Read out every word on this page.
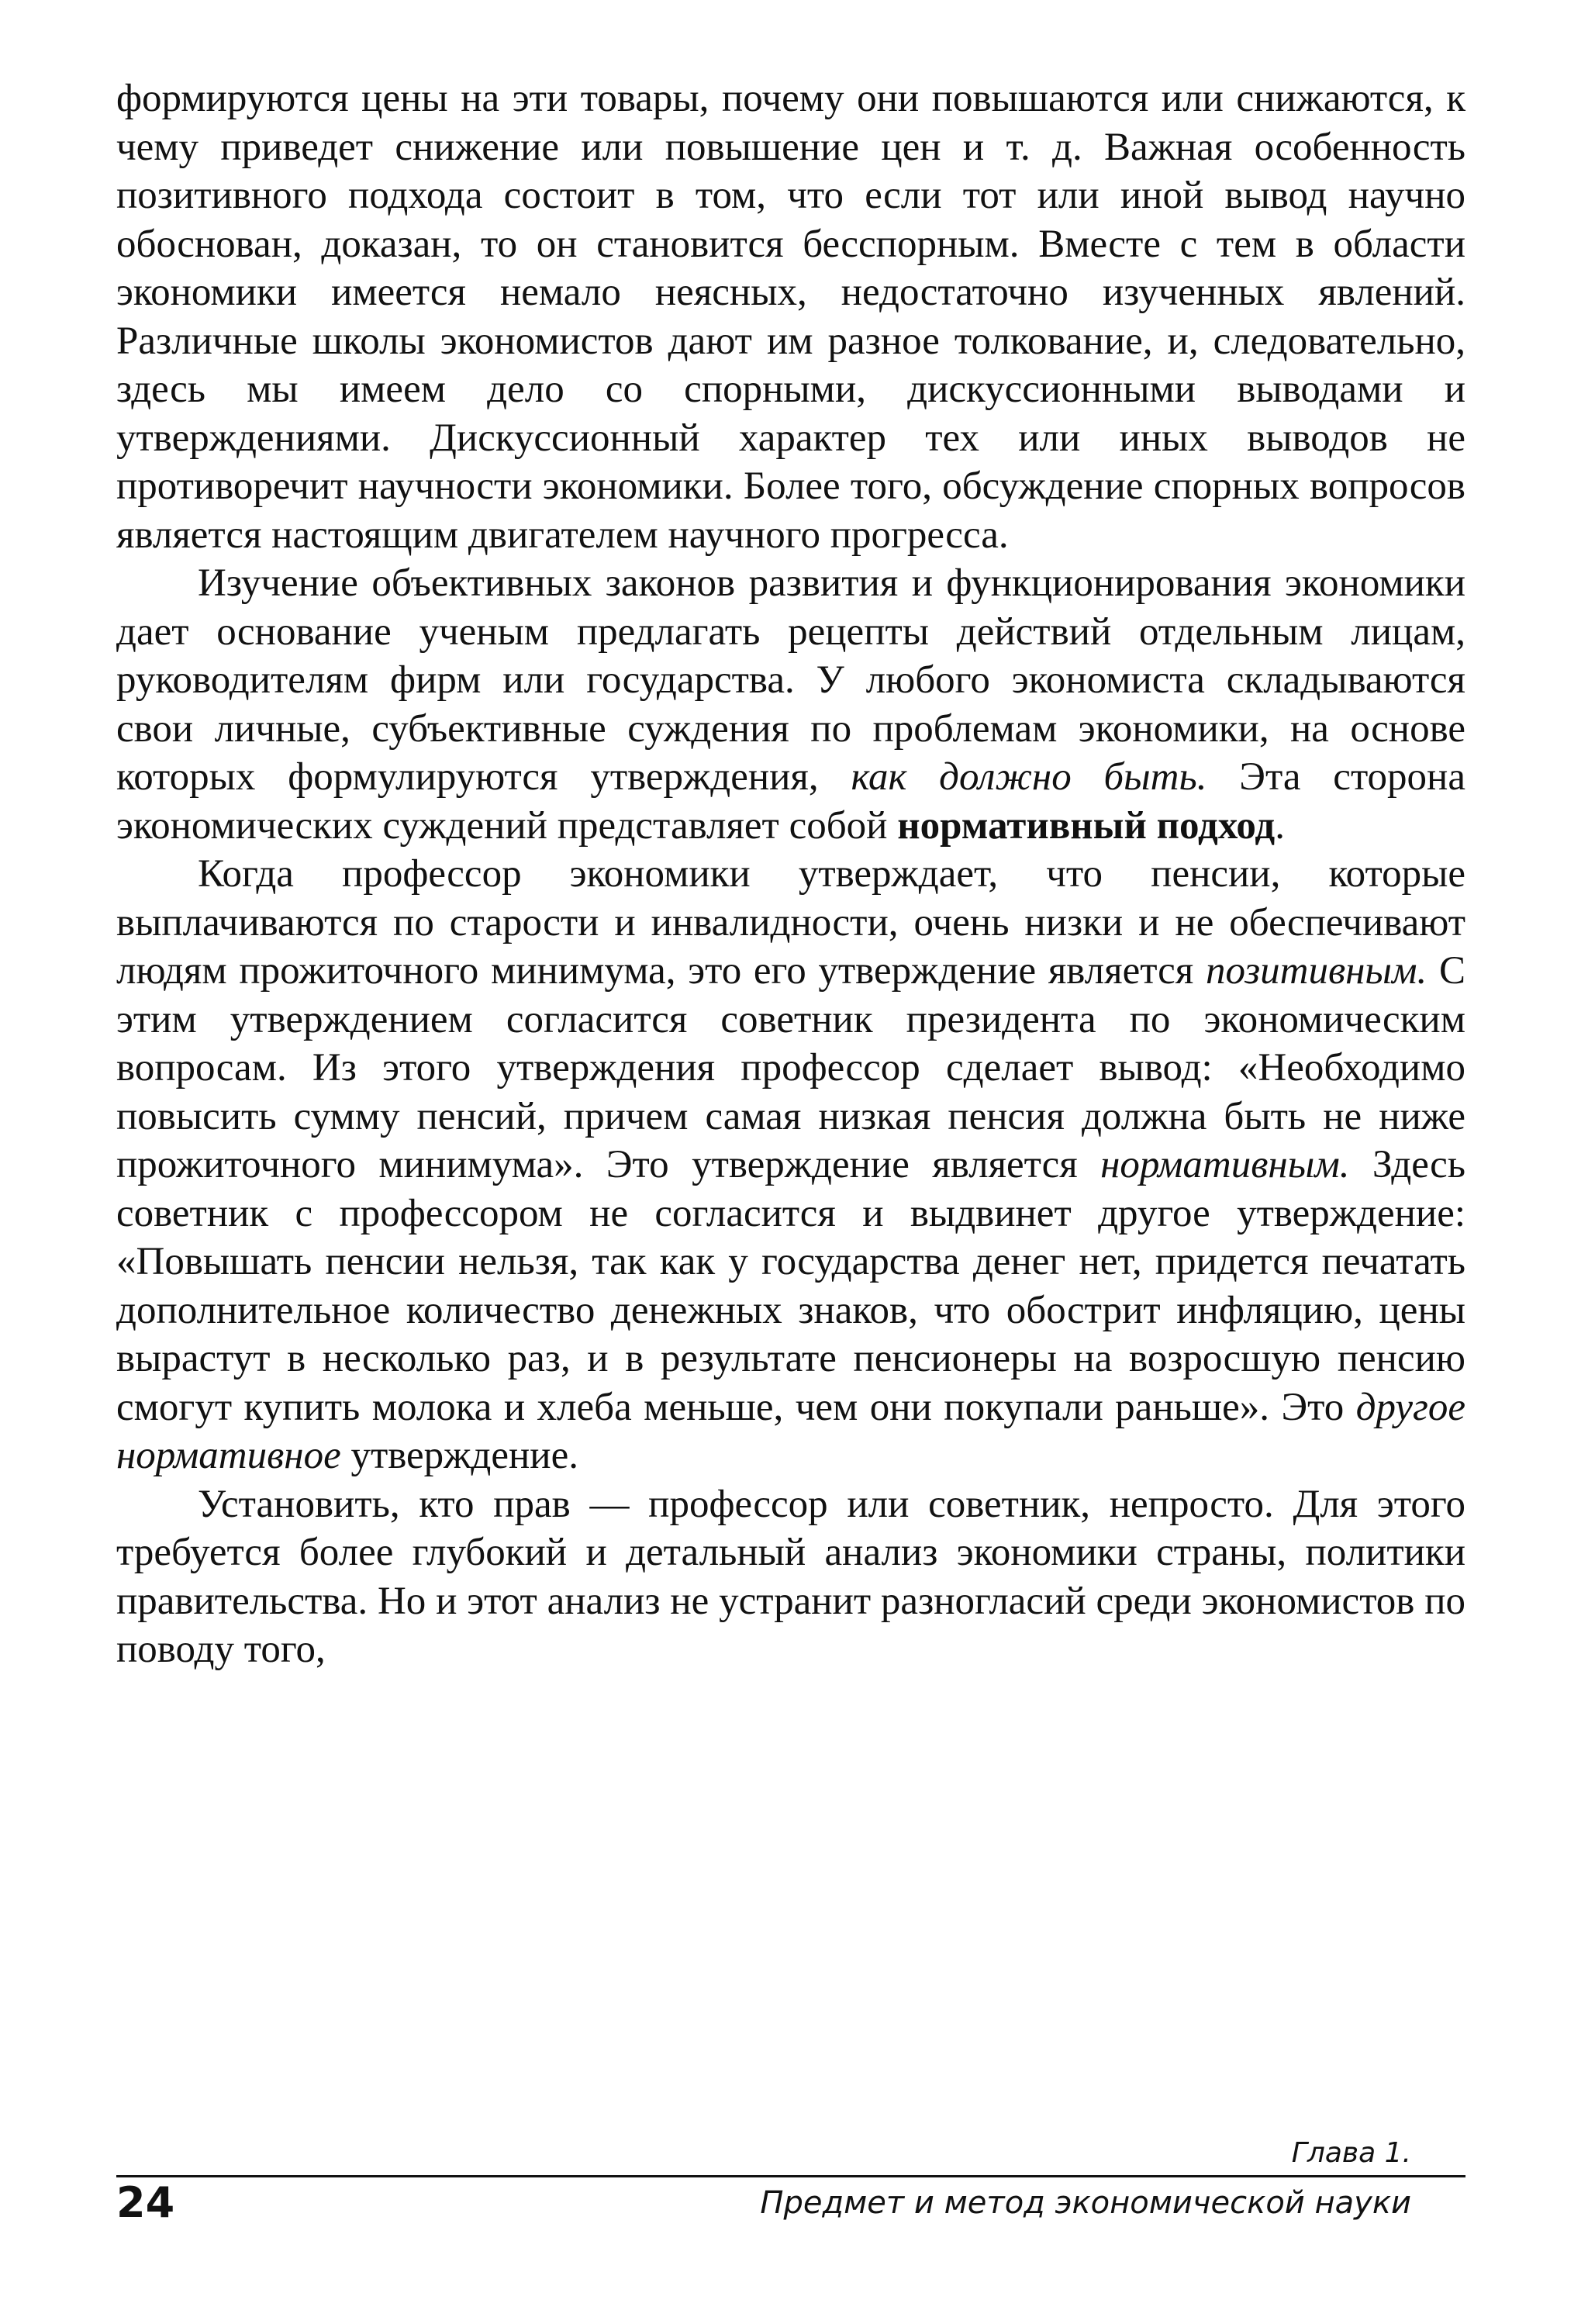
формируются цены на эти товары, почему они повышаются или снижаются, к чему приведет снижение или повышение цен и т. д. Важная особенность позитивного подхода состоит в том, что если тот или иной вывод научно обоснован, доказан, то он становится бесспорным. Вместе с тем в области экономики имеется немало неясных, недостаточно изученных явлений. Различные школы экономистов дают им разное толкование, и, следовательно, здесь мы имеем дело со спорными, дискуссионными выводами и утверждениями. Дискуссионный характер тех или иных выводов не противоречит научности экономики. Более того, обсуждение спорных вопросов является настоящим двигателем научного прогресса.

Изучение объективных законов развития и функционирования экономики дает основание ученым предлагать рецепты действий отдельным лицам, руководителям фирм или государства. У любого экономиста складываются свои личные, субъективные суждения по проблемам экономики, на основе которых формулируются утверждения, как должно быть. Эта сторона экономических суждений представляет собой нормативный подход.

Когда профессор экономики утверждает, что пенсии, которые выплачиваются по старости и инвалидности, очень низки и не обеспечивают людям прожиточного минимума, это его утверждение является позитивным. С этим утверждением согласится советник президента по экономическим вопросам. Из этого утверждения профессор сделает вывод: «Необходимо повысить сумму пенсий, причем самая низкая пенсия должна быть не ниже прожиточного минимума». Это утверждение является нормативным. Здесь советник с профессором не согласится и выдвинет другое утверждение: «Повышать пенсии нельзя, так как у государства денег нет, придется печатать дополнительное количество денежных знаков, что обострит инфляцию, цены вырастут в несколько раз, и в результате пенсионеры на возросшую пенсию смогут купить молока и хлеба меньше, чем они покупали раньше». Это другое нормативное утверждение.

Установить, кто прав — профессор или советник, непросто. Для этого требуется более глубокий и детальный анализ экономики страны, политики правительства. Но и этот анализ не устранит разногласий среди экономистов по поводу того,

Глава 1.
24	Предмет и метод экономической науки
